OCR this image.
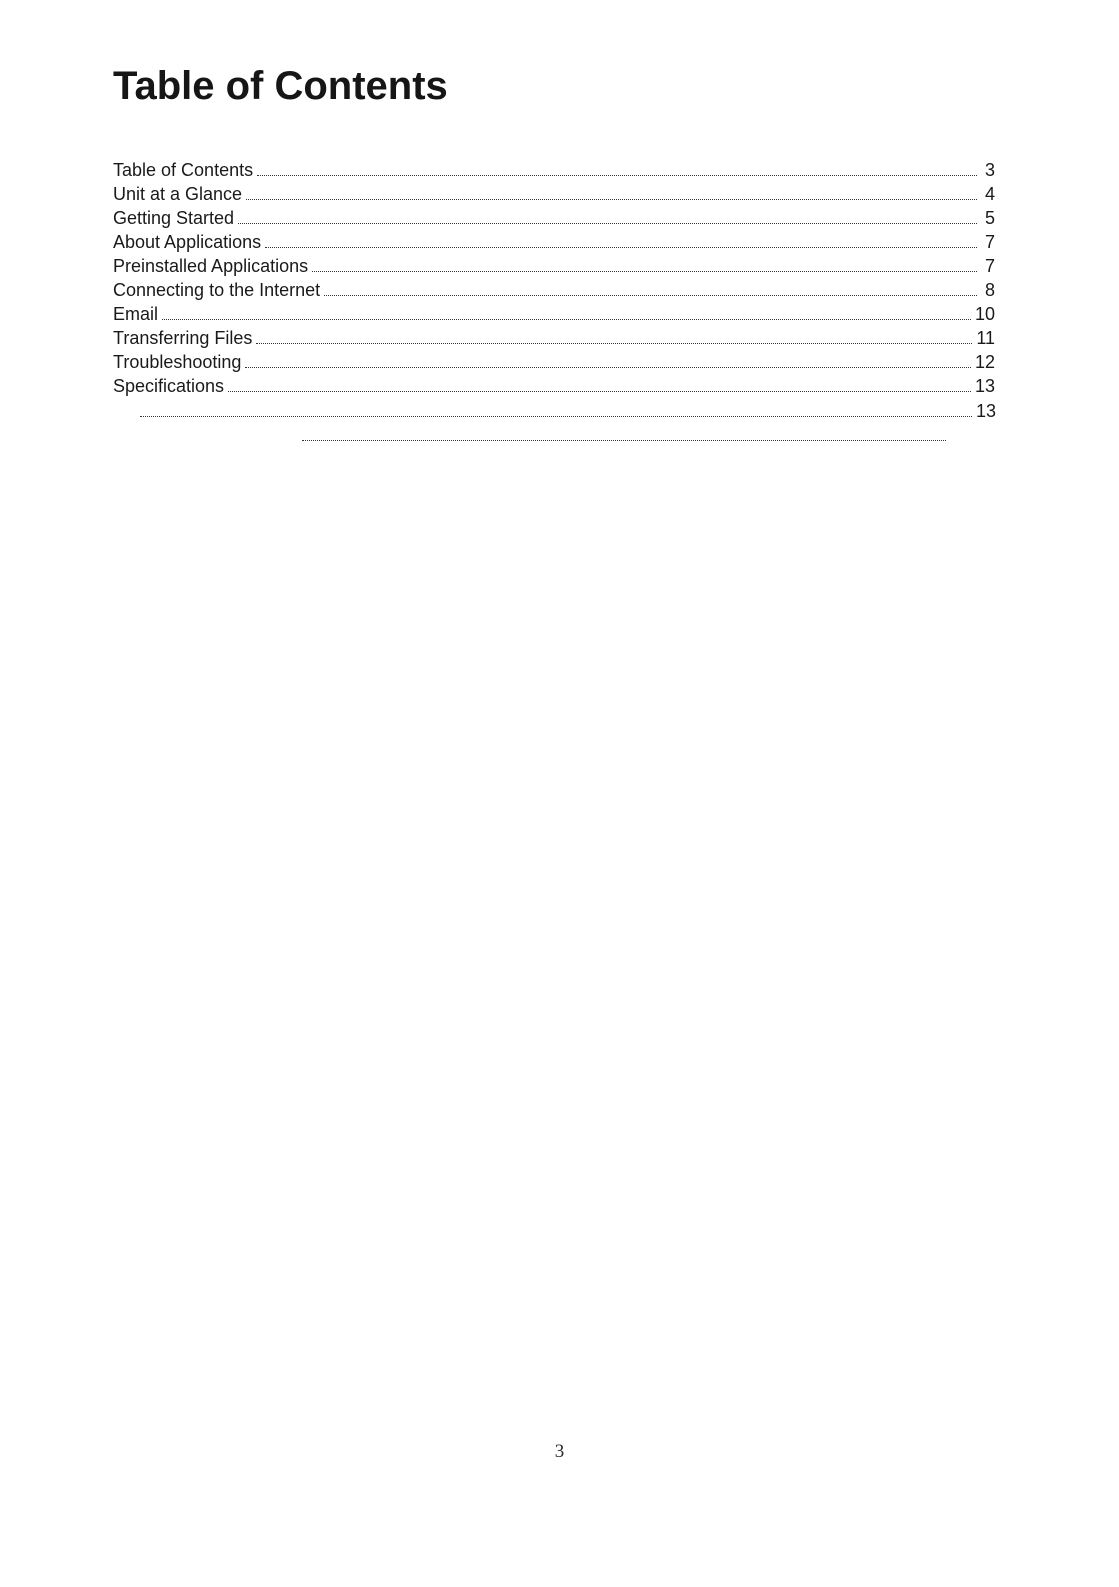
Table of Contents
Table of Contents	3
Unit at a Glance	4
Getting Started	5
About Applications	7
Preinstalled Applications	7
Connecting to the Internet	8
Email	10
Transferring Files	11
Troubleshooting	12
Specifications	13
13
3
